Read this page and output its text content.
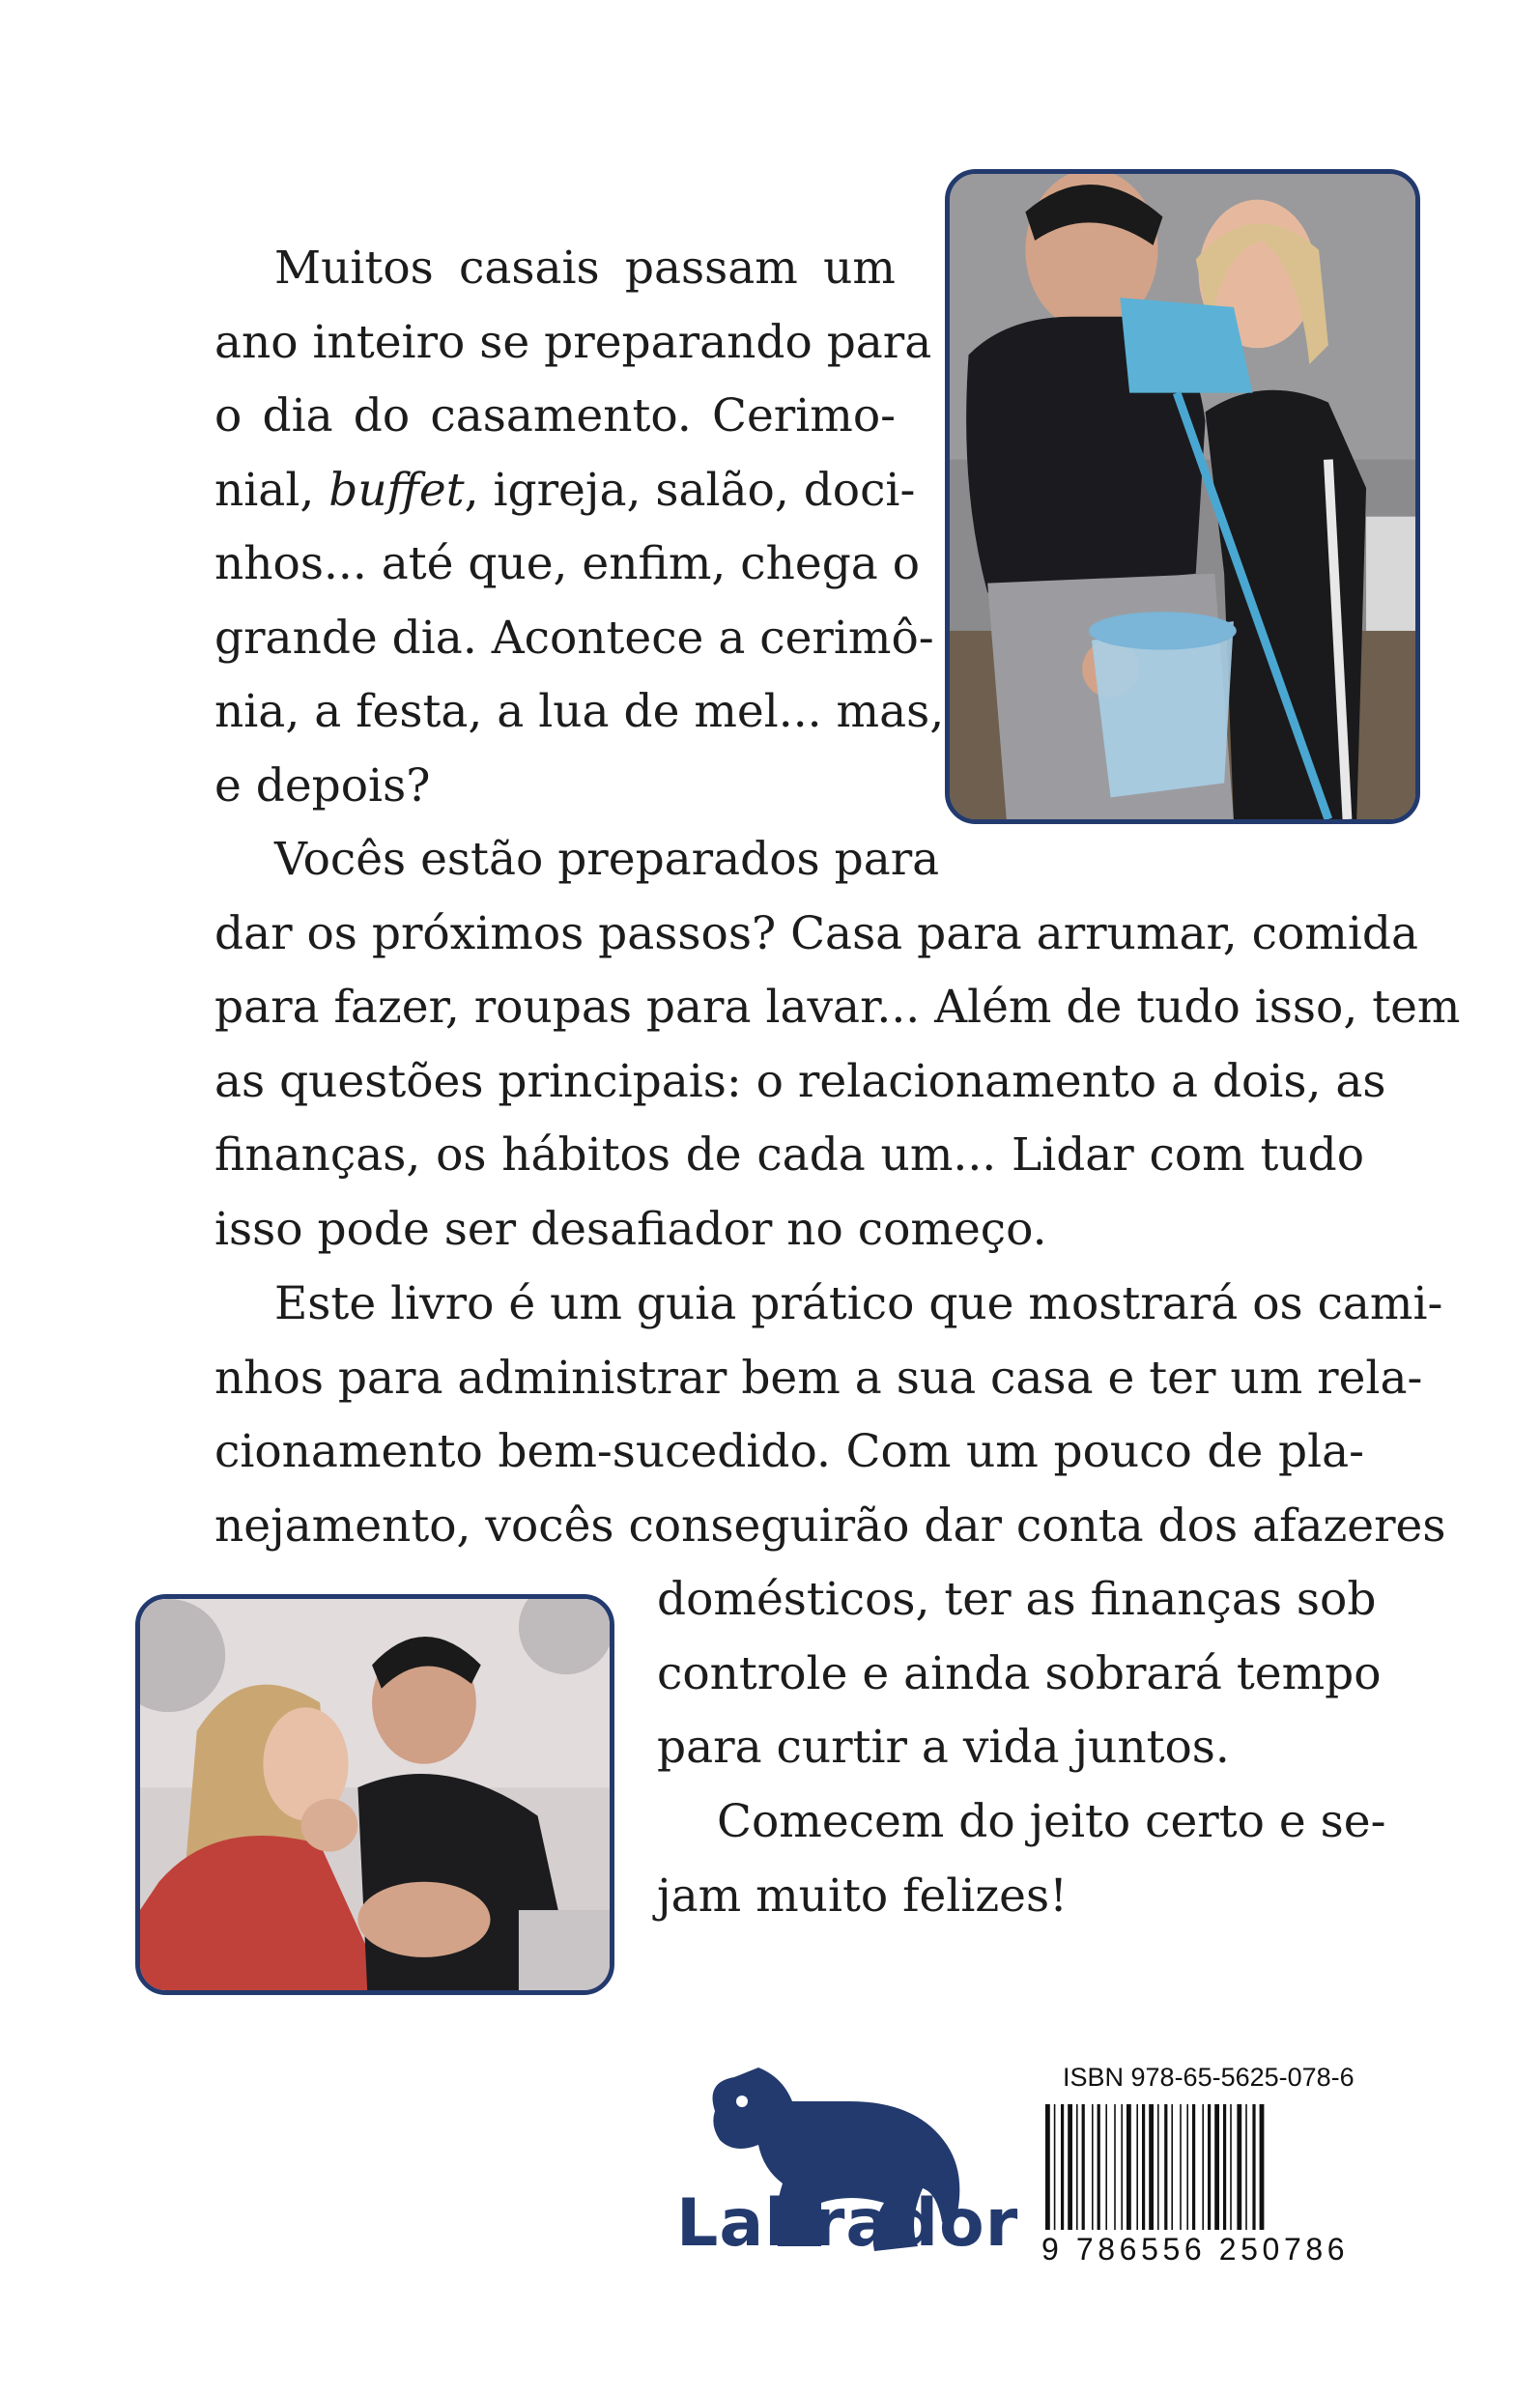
Muitos casais passam um
ano inteiro se preparando para
o dia do casamento. Cerimo-
nial, buffet, igreja, salão, doci-
nhos... até que, enfim, chega o
grande dia. Acontece a cerimô-
nia, a festa, a lua de mel... mas,
e depois?
Vocês estão preparados para
dar os próximos passos? Casa para arrumar, comida
para fazer, roupas para lavar... Além de tudo isso, tem
as questões principais: o relacionamento a dois, as
finanças, os hábitos de cada um... Lidar com tudo
isso pode ser desafiador no começo.
Este livro é um guia prático que mostrará os cami-
nhos para administrar bem a sua casa e ter um rela-
cionamento bem-sucedido. Com um pouco de pla-
nejamento, vocês conseguirão dar conta dos afazeres
domésticos, ter as finanças sob
controle e ainda sobrará tempo
para curtir a vida juntos.
Comecem do jeito certo e se-
jam muito felizes!
Labrador
ISBN 978-65-5625-078-6
9 786556 250786
